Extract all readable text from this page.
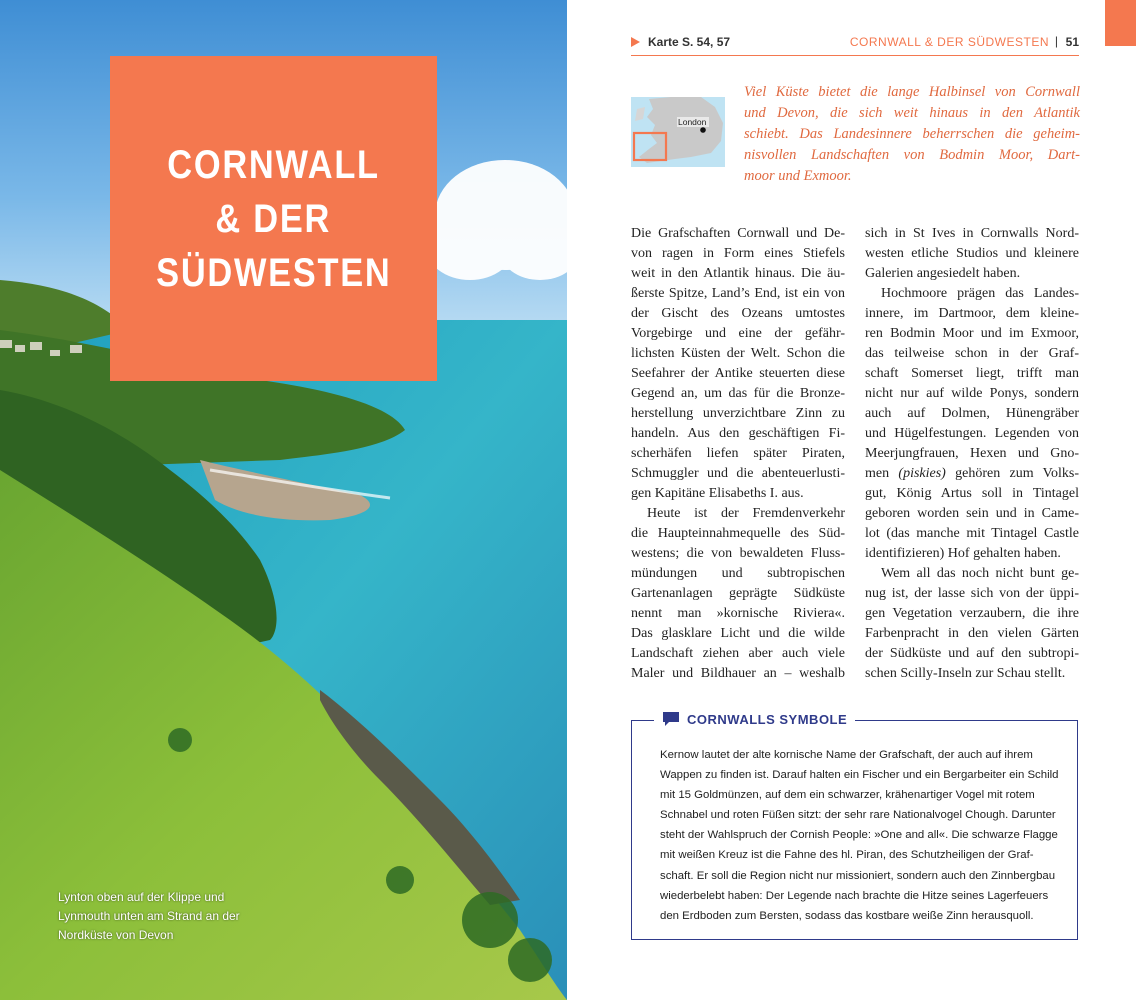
CORNWALL
& DER
SÜDWESTEN
Lynton oben auf der Klippe und
Lynmouth unten am Strand an der
Nordküste von Devon
Karte S. 54, 57	CORNWALL & DER SÜDWESTEN | 51
London
Viel Küste bietet die lange Halbinsel von Cornwall
und Devon, die sich weit hinaus in den Atlantik
schiebt. Das Landesinnere beherrschen die geheim-
nisvollen Landschaften von Bodmin Moor, Dart-
moor und Exmoor.
Die Grafschaften Cornwall und De-
von ragen in Form eines Stiefels
weit in den Atlantik hinaus. Die äu-
ßerste Spitze, Land’s End, ist ein von
der Gischt des Ozeans umtostes
Vorgebirge und eine der gefähr-
lichsten Küsten der Welt. Schon die
Seefahrer der Antike steuerten diese
Gegend an, um das für die Bronze-
herstellung unverzichtbare Zinn zu
handeln. Aus den geschäftigen Fi-
scherhäfen liefen später Piraten,
Schmuggler und die abenteuerlusti-
gen Kapitäne Elisabeths I. aus.
Heute ist der Fremdenverkehr
die Haupteinnahmequelle des Süd-
westens; die von bewaldeten Fluss-
mündungen und subtropischen
Gartenanlagen geprägte Südküste
nennt man »kornische Riviera«.
Das glasklare Licht und die wilde
Landschaft ziehen aber auch viele
Maler und Bildhauer an – weshalb
sich in St Ives in Cornwalls Nord-
westen etliche Studios und kleinere
Galerien angesiedelt haben.
Hochmoore prägen das Landes-
innere, im Dartmoor, dem kleine-
ren Bodmin Moor und im Exmoor,
das teilweise schon in der Graf-
schaft Somerset liegt, trifft man
nicht nur auf wilde Ponys, sondern
auch auf Dolmen, Hünengräber
und Hügelfestungen. Legenden von
Meerjungfrauen, Hexen und Gno-
men (piskies) gehören zum Volks-
gut, König Artus soll in Tintagel
geboren worden sein und in Came-
lot (das manche mit Tintagel Castle
identifizieren) Hof gehalten haben.
Wem all das noch nicht bunt ge-
nug ist, der lasse sich von der üppi-
gen Vegetation verzaubern, die ihre
Farbenpracht in den vielen Gärten
der Südküste und auf den subtropi-
schen Scilly-Inseln zur Schau stellt.
CORNWALLS SYMBOLE
Kernow lautet der alte kornische Name der Grafschaft, der auch auf ihrem
Wappen zu finden ist. Darauf halten ein Fischer und ein Bergarbeiter ein Schild
mit 15 Goldmünzen, auf dem ein schwarzer, krähenartiger Vogel mit rotem
Schnabel und roten Füßen sitzt: der sehr rare Nationalvogel Chough. Darunter
steht der Wahlspruch der Cornish People: »One and all«. Die schwarze Flagge
mit weißen Kreuz ist die Fahne des hl. Piran, des Schutzheiligen der Graf-
schaft. Er soll die Region nicht nur missioniert, sondern auch den Zinnbergbau
wiederbelebt haben: Der Legende nach brachte die Hitze seines Lagerfeuers
den Erdboden zum Bersten, sodass das kostbare weiße Zinn herausquoll.
